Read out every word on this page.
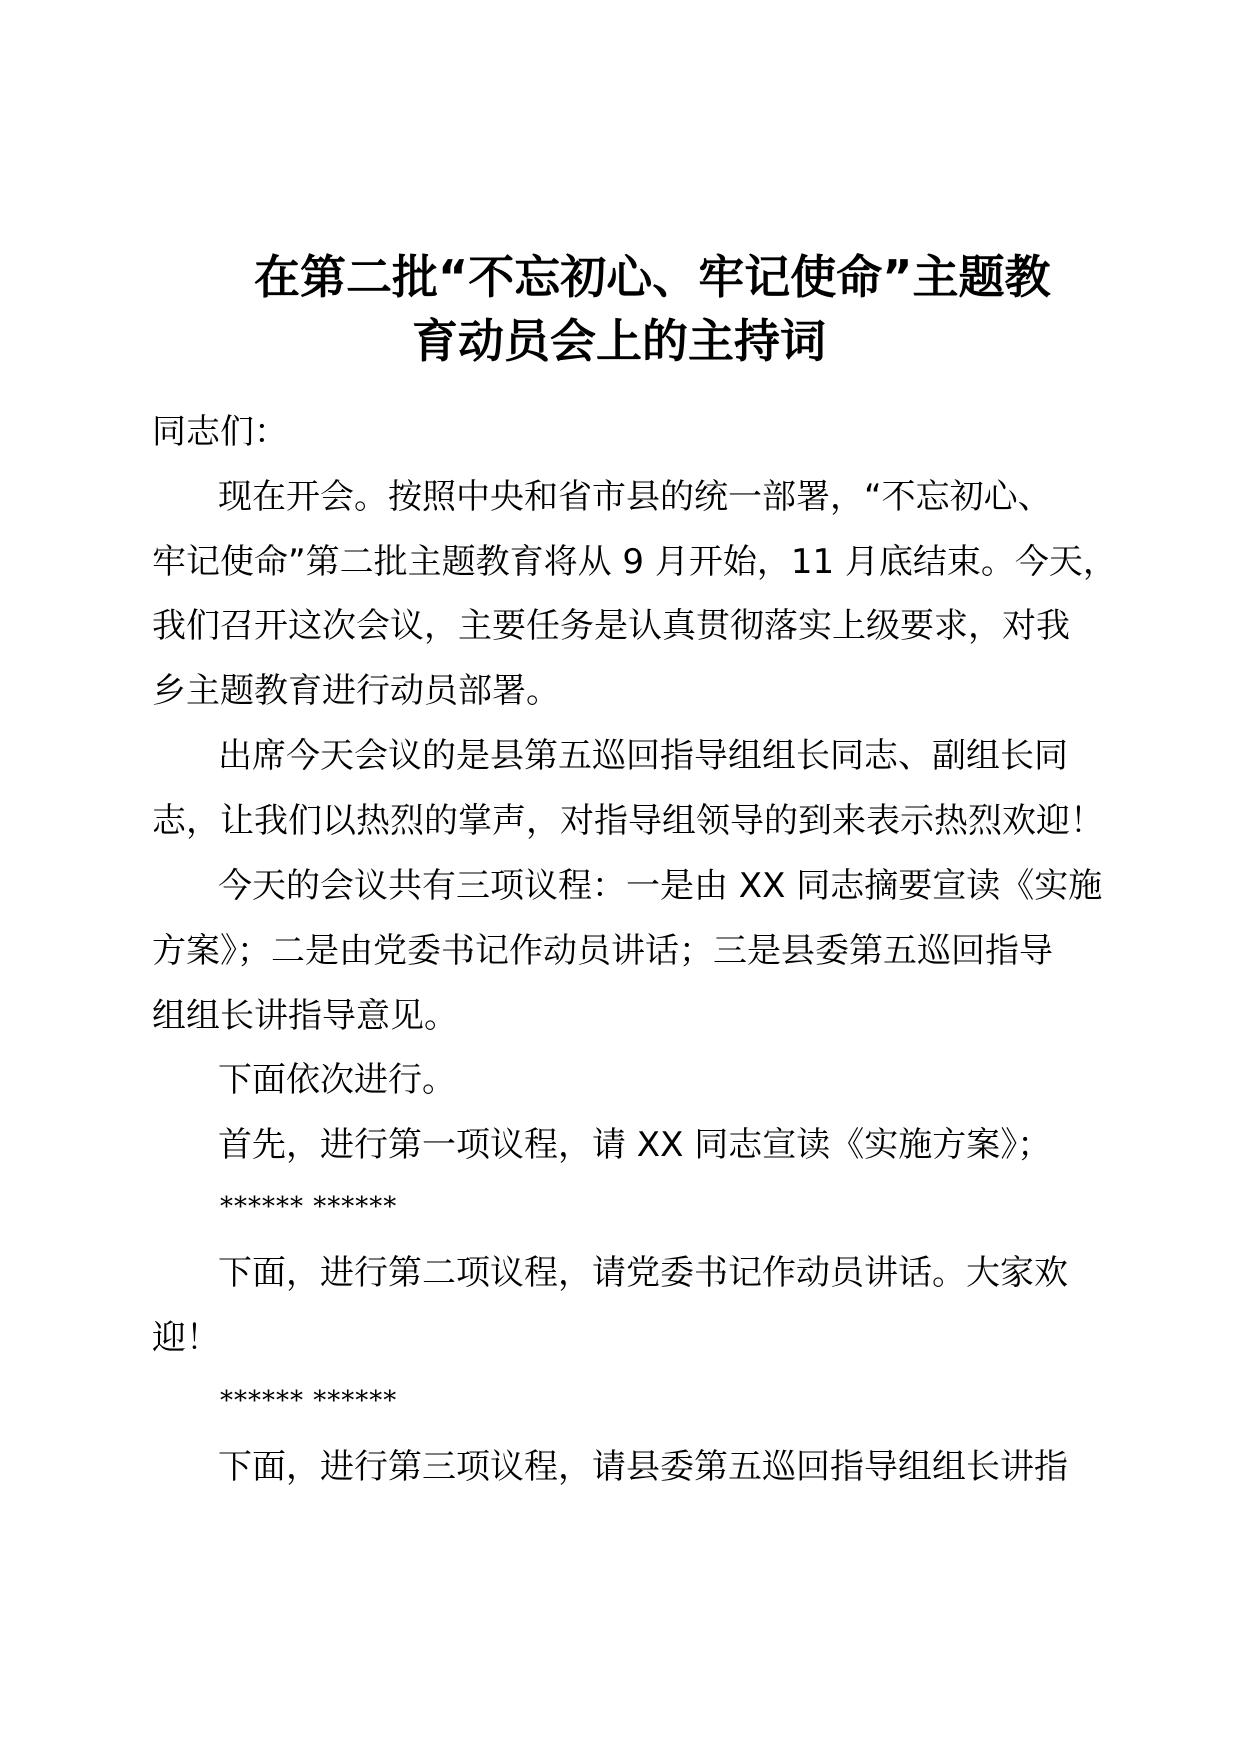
在第二批“不忘初心、牢记使命”主题教
育动员会上的主持词

同志们：

现在开会。按照中央和省市县的统一部署，“不忘初心、

牢记使命”第二批主题教育将从 9 月开始，11 月底结束。今天，

我们召开这次会议，主要任务是认真贯彻落实上级要求，对我

乡主题教育进行动员部署。

出席今天会议的是县第五巡回指导组组长同志、副组长同

志，让我们以热烈的掌声，对指导组领导的到来表示热烈欢迎！

今天的会议共有三项议程：一是由 XX 同志摘要宣读《实施

方案》；二是由党委书记作动员讲话；三是县委第五巡回指导

组组长讲指导意见。

下面依次进行。

首先，进行第一项议程，请 XX 同志宣读《实施方案》；

****** ******

下面，进行第二项议程，请党委书记作动员讲话。大家欢

迎！

****** ******

下面，进行第三项议程，请县委第五巡回指导组组长讲指
